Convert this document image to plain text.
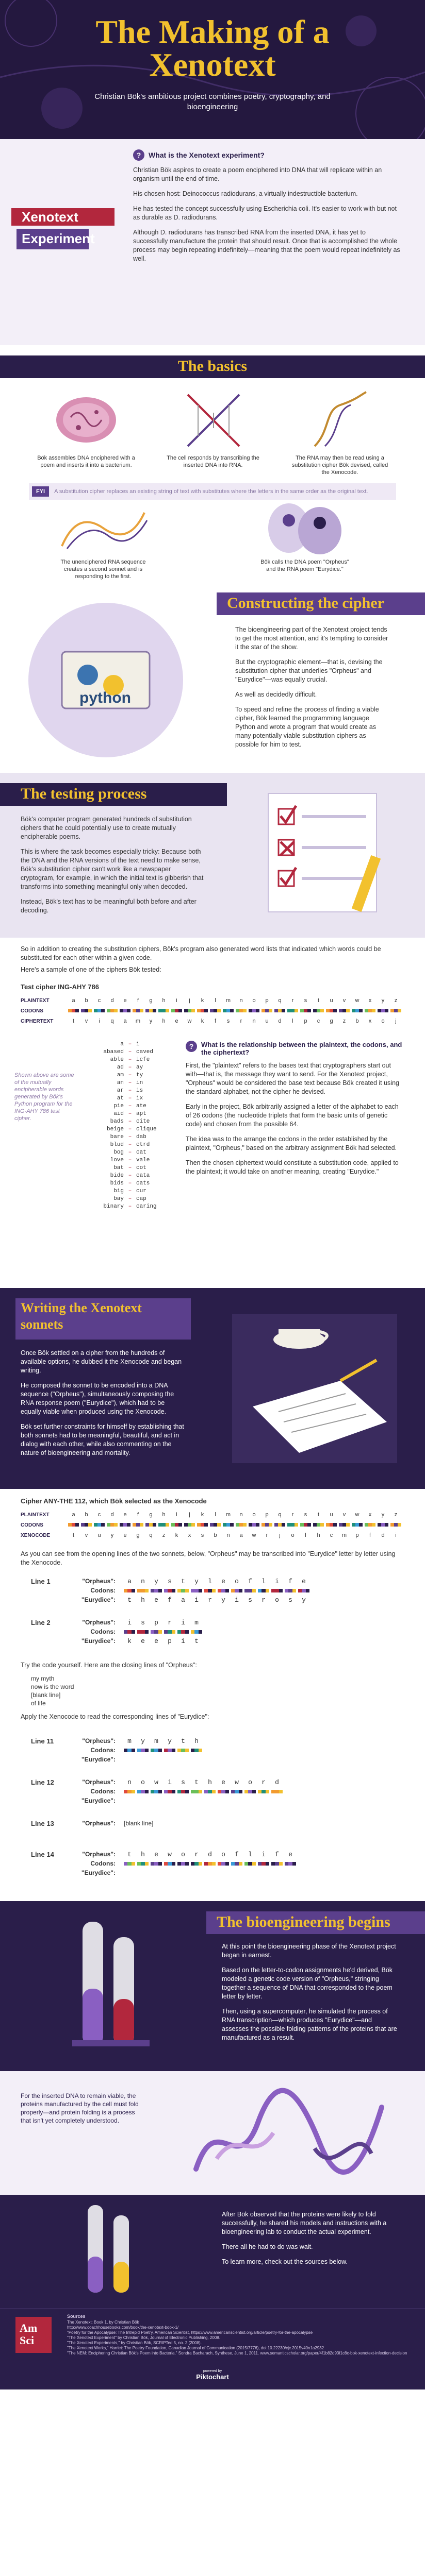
The Making of a
Xenotext

Christian Bök's ambitious project combines poetry, cryptography, and bioengineering

Xenotext
Experiment
?	What is the Xenotext experiment?

Christian Bök aspires to create a poem enciphered into DNA that will replicate within an organism until the end of time.

His chosen host: Deinococcus radiodurans, a virtually indestructible bacterium.

He has tested the concept successfully using Escherichia coli. It's easier to work with but not as durable as D. radiodurans.

Although D. radiodurans has transcribed RNA from the inserted DNA, it has yet to successfully manufacture the protein that should result. Once that is accomplished the whole process may begin repeating indefinitely—meaning that the poem would repeat indefinitely as well.

The basics
Bök assembles DNA enciphered with a poem and inserts it into a bacterium.
The cell responds by transcribing the inserted DNA into RNA.
The RNA may then be read using a substitution cipher Bök devised, called the Xenocode.
FYI	A substitution cipher replaces an existing string of text with substitutes where the letters in the same order as the original text.
The unenciphered RNA sequence creates a second sonnet and is responding to the first.
Bök calls the DNA poem "Orpheus" and the RNA poem "Eurydice."
python
Constructing the cipher

The bioengineering part of the Xenotext project tends to get the most attention, and it's tempting to consider it the star of the show.

But the cryptographic element—that is, devising the substitution cipher that underlies "Orpheus" and "Eurydice"—was equally crucial.

As well as decidedly difficult.

To speed and refine the process of finding a viable cipher, Bök learned the programming language Python and wrote a program that would create as many potentially viable substitution ciphers as possible for him to test.

The testing process

Bök's computer program generated hundreds of substitution ciphers that he could potentially use to create mutually encipherable poems.

This is where the task becomes especially tricky: Because both the DNA and the RNA versions of the text need to make sense, Bök's substitution cipher can't work like a newspaper cryptogram, for example, in which the initial text is gibberish that transforms into something meaningful only when decoded.

Instead, Bök's text has to be meaningful both before and after decoding.

So in addition to creating the substitution ciphers, Bök's program also generated word lists that indicated which words could be substituted for each other within a given code.

Here's a sample of one of the ciphers Bök tested:

Test cipher ING-AHY 786
PLAINTEXT	a	b	c	d	e	f	g	h	i	j	k	l	m	n	o	p	q	r	s	t	u	v	w	x	y	z
CODONS
CIPHERTEXT	t	v	i	q	a	m	y	h	e	w	k	f	s	r	n	u	d	l	p	c	g	z	b	x	o	j
Shown above are some of the mutually encipherable words generated by Bök's Python program for the ING-AHY 786 test cipher.
a – i
abased – caved
able – icfe
ad – ay
am – ty
an – in
ar – is
at – ix
pie – ate
aid – apt
bads – cite
beige – clique
bare – dab
blud – ctrd
bog – cat
love – vale
bat – cot
bide – cata
bids – cats
big – cur
bay – cap
binary – caring
?	What is the relationship between the plaintext, the codons, and the ciphertext?

First, the "plaintext" refers to the bases text that cryptographers start out with—that is, the message they want to send. For the Xenotext project, "Orpheus" would be considered the base text because Bök created it using the standard alphabet, not the cipher he devised.

Early in the project, Bök arbitrarily assigned a letter of the alphabet to each of 26 codons (the nucleotide triplets that form the basic units of genetic code) and chosen from the possible 64.

The idea was to the arrange the codons in the order established by the plaintext, "Orpheus," based on the arbitrary assignment Bök had selected.

Then the chosen ciphertext would constitute a substitution code, applied to the plaintext; it would take on another meaning, creating "Eurydice."

Writing the Xenotext
sonnets

Once Bök settled on a cipher from the hundreds of available options, he dubbed it the Xenocode and began writing.

He composed the sonnet to be encoded into a DNA sequence ("Orpheus"), simultaneously composing the RNA response poem ("Eurydice"), which had to be equally viable when produced using the Xenocode.

Bök set further constraints for himself by establishing that both sonnets had to be meaningful, beautiful, and act in dialog with each other, while also commenting on the nature of bioengineering and mortality.

Cipher ANY-THE 112, which Bök selected as the Xenocode
PLAINTEXT	a	b	c	d	e	f	g	h	i	j	k	l	m	n	o	p	q	r	s	t	u	v	w	x	y	z
CODONS
XENOCODE	t	v	u	y	e	g	q	z	k	x	s	b	n	a	w	r	j	o	l	h	c	m	p	f	d	i

As you can see from the opening lines of the two sonnets, below, "Orpheus" may be transcribed into "Eurydice" letter by letter using the Xenocode.

Line 1	"Orpheus":	a	n	y	s	t	y	l	e	o	f	l	i	f	e
Codons:
"Eurydice":	t	h	e	f	a	i	r	y	i	s	r	o	s	y
Line 2	"Orpheus":	i	s	p	r	i	m
Codons:
"Eurydice":	k	e	e	p	i	t

Try the code yourself. Here are the closing lines of "Orpheus":

my myth
now is the word
[blank line]
of life

Apply the Xenocode to read the corresponding lines of "Eurydice":

Line 11	"Orpheus":	m	y	m	y	t	h
Codons:
"Eurydice":
Line 12	"Orpheus":	n	o	w	i	s	t	h	e	w	o	r	d
Codons:
"Eurydice":
Line 13	"Orpheus":	[blank line]
Line 14	"Orpheus":	t	h	e	w	o	r	d	o	f	l	i	f	e
Codons:
"Eurydice":
The bioengineering begins

At this point the bioengineering phase of the Xenotext project began in earnest.

Based on the letter-to-codon assignments he'd derived, Bök modeled a genetic code version of "Orpheus," stringing together a sequence of DNA that corresponded to the poem letter by letter.

Then, using a supercomputer, he simulated the process of RNA transcription—which produces "Eurydice"—and assesses the possible folding patterns of the proteins that are manufactured as a result.

For the inserted DNA to remain viable, the proteins manufactured by the cell must fold properly—and protein folding is a process that isn't yet completely understood.

After Bök observed that the proteins were likely to fold successfully, he shared his models and instructions with a bioengineering lab to conduct the actual experiment.

There all he had to do was wait.

To learn more, check out the sources below.

Am
Sci
Sources
The Xenotext: Book 1, by Christian Bök
http://www.coachhousebooks.com/book/the-xenotext-book-1/
"Poetry for the Apocalypse: The Intrepid Poetry, American Scientist, https://www.americanscientist.org/article/poetry-for-the-apocalypse
"The Xenotext Experiment" by Christian Bök, Journal of Electronic Publishing, 2008.
"The Xenotext Experiments," by Christian Bök, SCRIPTed 5, no. 2 (2008).
"The Xenotext Works," Harriet: The Poetry Foundation, Canadian Journal of Communication (2015/7776), doi:10.22230/cjc.2015v40n1a2932
"The NEM: Enciphering Christian Bök's Poem into Bacteria," Sondra Bacharach, Synthese, June 1, 2011. www.semanticscholar.org/paper/4f1b82d93f1c8c-bok-xenotext-infection-decision
powered by
Piktochart
